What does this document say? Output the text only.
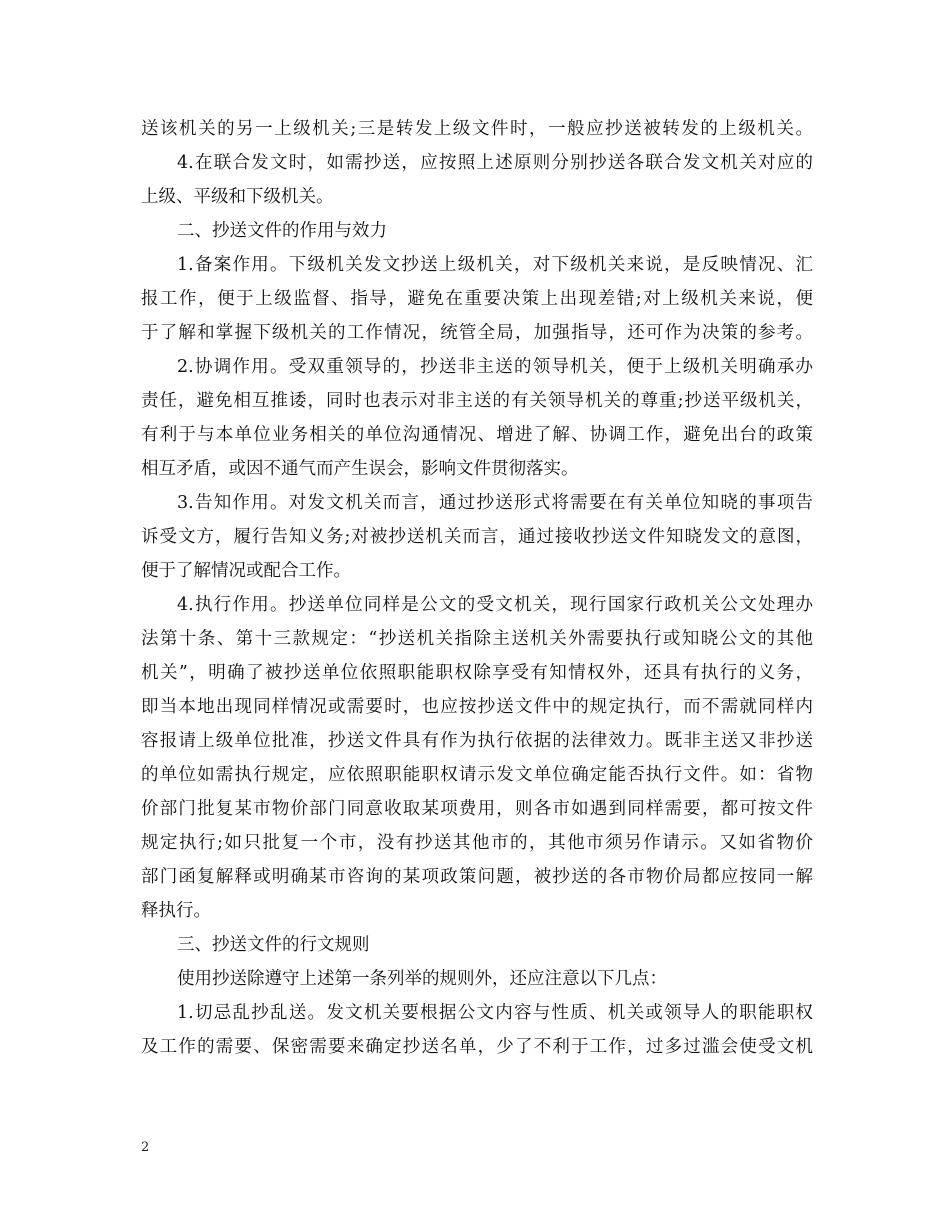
送该机关的另一上级机关;三是转发上级文件时，一般应抄送被转发的上级机关。
4.在联合发文时，如需抄送，应按照上述原则分别抄送各联合发文机关对应的
上级、平级和下级机关。
二、抄送文件的作用与效力
1.备案作用。下级机关发文抄送上级机关，对下级机关来说，是反映情况、汇
报工作，便于上级监督、指导，避免在重要决策上出现差错;对上级机关来说，便
于了解和掌握下级机关的工作情况，统管全局，加强指导，还可作为决策的参考。
2.协调作用。受双重领导的，抄送非主送的领导机关，便于上级机关明确承办
责任，避免相互推诿，同时也表示对非主送的有关领导机关的尊重;抄送平级机关，
有利于与本单位业务相关的单位沟通情况、增进了解、协调工作，避免出台的政策
相互矛盾，或因不通气而产生误会，影响文件贯彻落实。
3.告知作用。对发文机关而言，通过抄送形式将需要在有关单位知晓的事项告
诉受文方，履行告知义务;对被抄送机关而言，通过接收抄送文件知晓发文的意图，
便于了解情况或配合工作。
4.执行作用。抄送单位同样是公文的受文机关，现行国家行政机关公文处理办
法第十条、第十三款规定：“抄送机关指除主送机关外需要执行或知晓公文的其他
机关”，明确了被抄送单位依照职能职权除享受有知情权外，还具有执行的义务，
即当本地出现同样情况或需要时，也应按抄送文件中的规定执行，而不需就同样内
容报请上级单位批准，抄送文件具有作为执行依据的法律效力。既非主送又非抄送
的单位如需执行规定，应依照职能职权请示发文单位确定能否执行文件。如：省物
价部门批复某市物价部门同意收取某项费用，则各市如遇到同样需要，都可按文件
规定执行;如只批复一个市，没有抄送其他市的，其他市须另作请示。又如省物价
部门函复解释或明确某市咨询的某项政策问题，被抄送的各市物价局都应按同一解
释执行。
三、抄送文件的行文规则
使用抄送除遵守上述第一条列举的规则外，还应注意以下几点：
1.切忌乱抄乱送。发文机关要根据公文内容与性质、机关或领导人的职能职权
及工作的需要、保密需要来确定抄送名单，少了不利于工作，过多过滥会使受文机
2
